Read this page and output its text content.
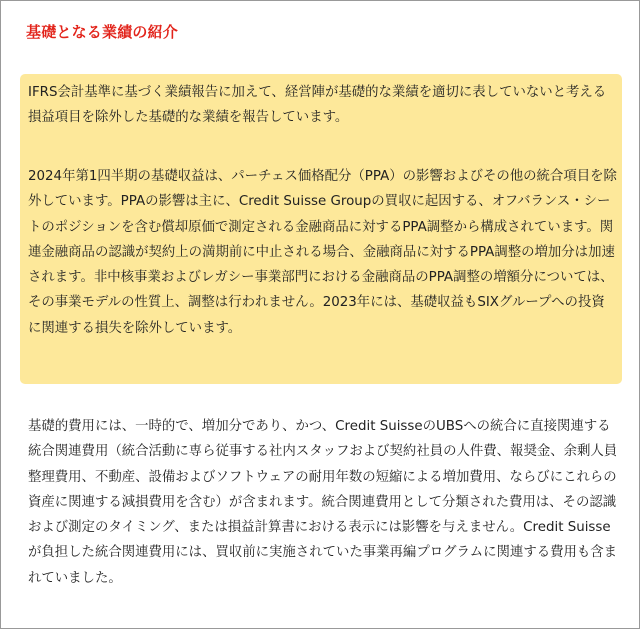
基礎となる業績の紹介
IFRS会計基準に基づく業績報告に加えて、経営陣が基礎的な業績を適切に表していないと考える損益項目を除外した基礎的な業績を報告しています。
2024年第1四半期の基礎収益は、パーチェス価格配分（PPA）の影響およびその他の統合項目を除外しています。PPAの影響は主に、Credit Suisse Groupの買収に起因する、オフバランス・シートのポジションを含む償却原価で測定される金融商品に対するPPA調整から構成されています。関連金融商品の認識が契約上の満期前に中止される場合、金融商品に対するPPA調整の増加分は加速されます。非中核事業およびレガシー事業部門における金融商品のPPA調整の増額分については、その事業モデルの性質上、調整は行われません。2023年には、基礎収益もSIXグループへの投資に関連する損失を除外しています。
基礎的費用には、一時的で、増加分であり、かつ、Credit SuisseのUBSへの統合に直接関連する統合関連費用（統合活動に専ら従事する社内スタッフおよび契約社員の人件費、報奨金、余剰人員整理費用、不動産、設備およびソフトウェアの耐用年数の短縮による増加費用、ならびにこれらの資産に関連する減損費用を含む）が含まれます。統合関連費用として分類された費用は、その認識および測定のタイミング、または損益計算書における表示には影響を与えません。Credit Suisseが負担した統合関連費用には、買収前に実施されていた事業再編プログラムに関連する費用も含まれていました。
